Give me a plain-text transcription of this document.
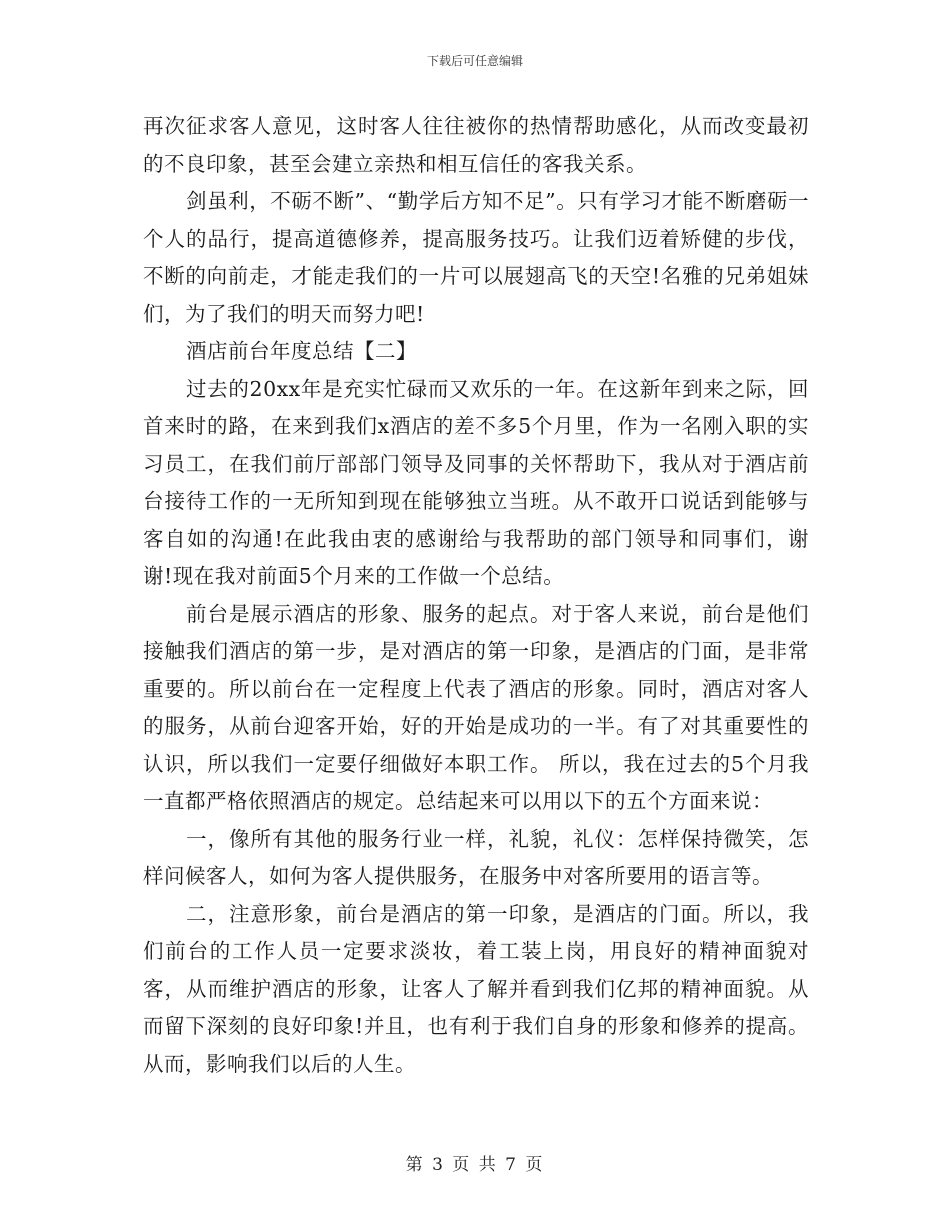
下载后可任意编辑

再次征求客人意见，这时客人往往被你的热情帮助感化，从而改变最初的不良印象，甚至会建立亲热和相互信任的客我关系。

剑虽利，不砺不断”、“勤学后方知不足”。只有学习才能不断磨砺一个人的品行，提高道德修养，提高服务技巧。让我们迈着矫健的步伐，不断的向前走，才能走我们的一片可以展翅高飞的天空!名雅的兄弟姐妹们，为了我们的明天而努力吧!

酒店前台年度总结【二】

过去的20xx年是充实忙碌而又欢乐的一年。在这新年到来之际，回首来时的路，在来到我们x酒店的差不多5个月里，作为一名刚入职的实习员工，在我们前厅部部门领导及同事的关怀帮助下，我从对于酒店前台接待工作的一无所知到现在能够独立当班。从不敢开口说话到能够与客自如的沟通!在此我由衷的感谢给与我帮助的部门领导和同事们，谢谢!现在我对前面5个月来的工作做一个总结。

前台是展示酒店的形象、服务的起点。对于客人来说，前台是他们接触我们酒店的第一步，是对酒店的第一印象，是酒店的门面，是非常重要的。所以前台在一定程度上代表了酒店的形象。同时，酒店对客人的服务，从前台迎客开始，好的开始是成功的一半。有了对其重要性的认识，所以我们一定要仔细做好本职工作。 所以，我在过去的5个月我一直都严格依照酒店的规定。总结起来可以用以下的五个方面来说：

一，像所有其他的服务行业一样，礼貌，礼仪：怎样保持微笑，怎样问候客人，如何为客人提供服务，在服务中对客所要用的语言等。

二，注意形象，前台是酒店的第一印象，是酒店的门面。所以，我们前台的工作人员一定要求淡妆，着工装上岗，用良好的精神面貌对客，从而维护酒店的形象，让客人了解并看到我们亿邦的精神面貌。从而留下深刻的良好印象!并且，也有利于我们自身的形象和修养的提高。从而，影响我们以后的人生。

第 3 页 共 7 页
